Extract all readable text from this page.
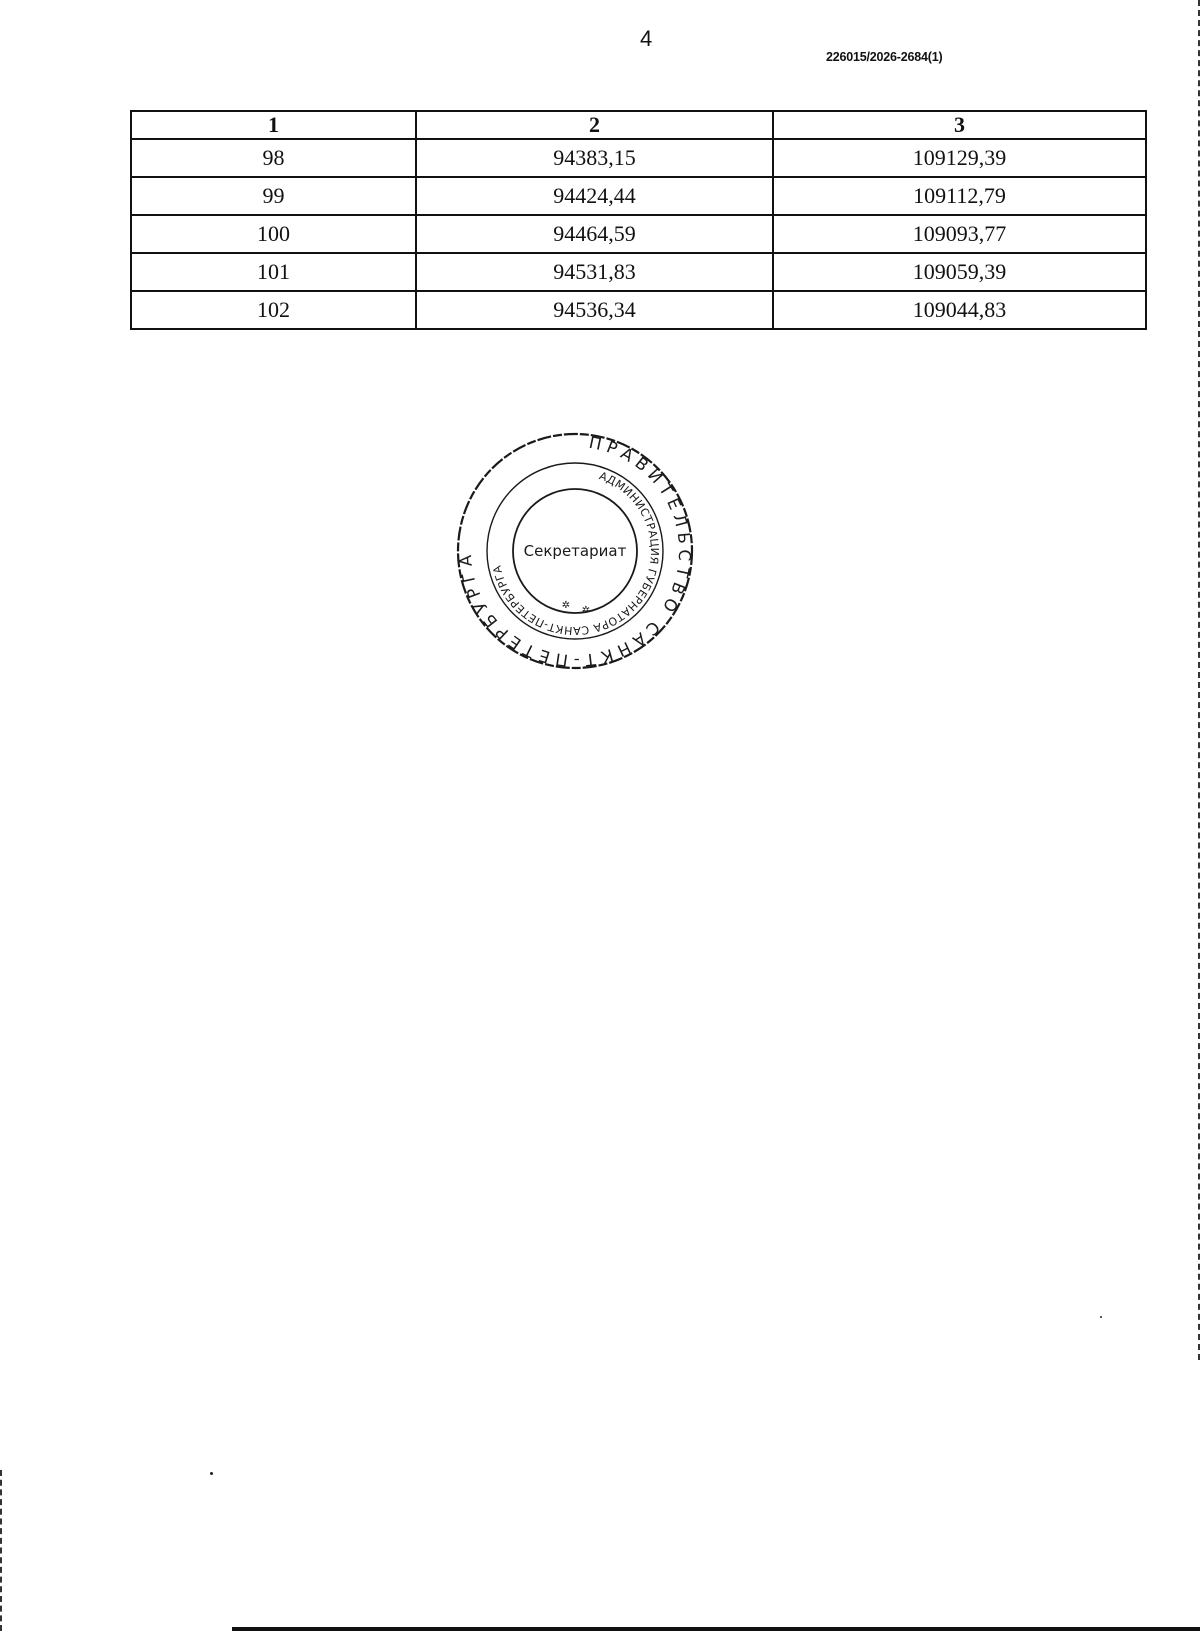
4
226015/2026-2684(1)
1	2	3
98	94383,15	109129,39
99	94424,44	109112,79
100	94464,59	109093,77
101	94531,83	109059,39
102	94536,34	109044,83
ПРАВИТЕЛЬСТВО САНКТ-ПЕТЕРБУРГА
АДМИНИСТРАЦИЯ ГУБЕРНАТОРА САНКТ-ПЕТЕРБУРГА
Секретариат
✲ ✲
